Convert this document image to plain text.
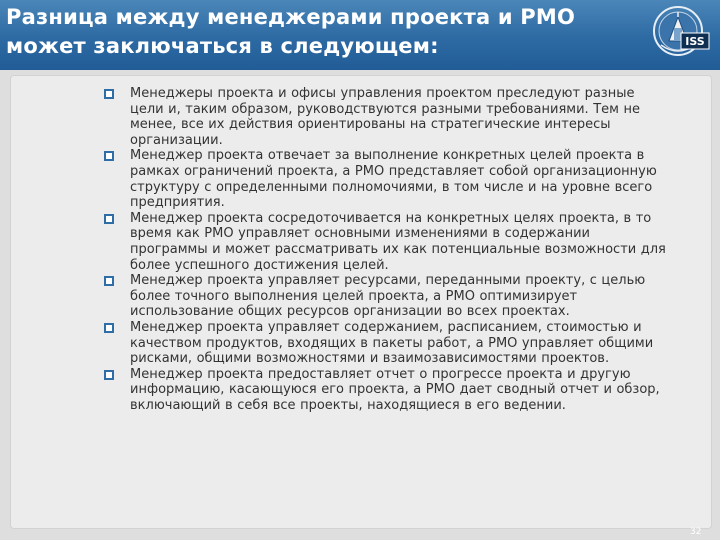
Разница между менеджерами проекта и PMO может заключаться в следующем:	ISS
Менеджеры проекта и офисы управления проектом преследуют разные цели и, таким образом, руководствуются разными требованиями. Тем не менее, все их действия ориентированы на стратегические интересы организации.
Менеджер проекта отвечает за выполнение конкретных целей проекта в рамках ограничений проекта, а PMO представляет собой организационную структуру с определенными полномочиями, в том числе и на уровне всего предприятия.
Менеджер проекта сосредоточивается на конкретных целях проекта, в то время как PMO управляет основными изменениями в содержании программы и может рассматривать их как потенциальные возможности для более успешного достижения целей.
Менеджер проекта управляет ресурсами, переданными проекту, с целью более точного выполнения целей проекта, а PMO оптимизирует использование общих ресурсов организации во всех проектах.
Менеджер проекта управляет содержанием, расписанием, стоимостью и качеством продуктов, входящих в пакеты работ, а PMO управляет общими рисками, общими возможностями и взаимозависимостями проектов.
Менеджер проекта предоставляет отчет о прогрессе проекта и другую информацию, касающуюся его проекта, а PMO дает сводный отчет и обзор, включающий в себя все проекты, находящиеся в его ведении.
32
